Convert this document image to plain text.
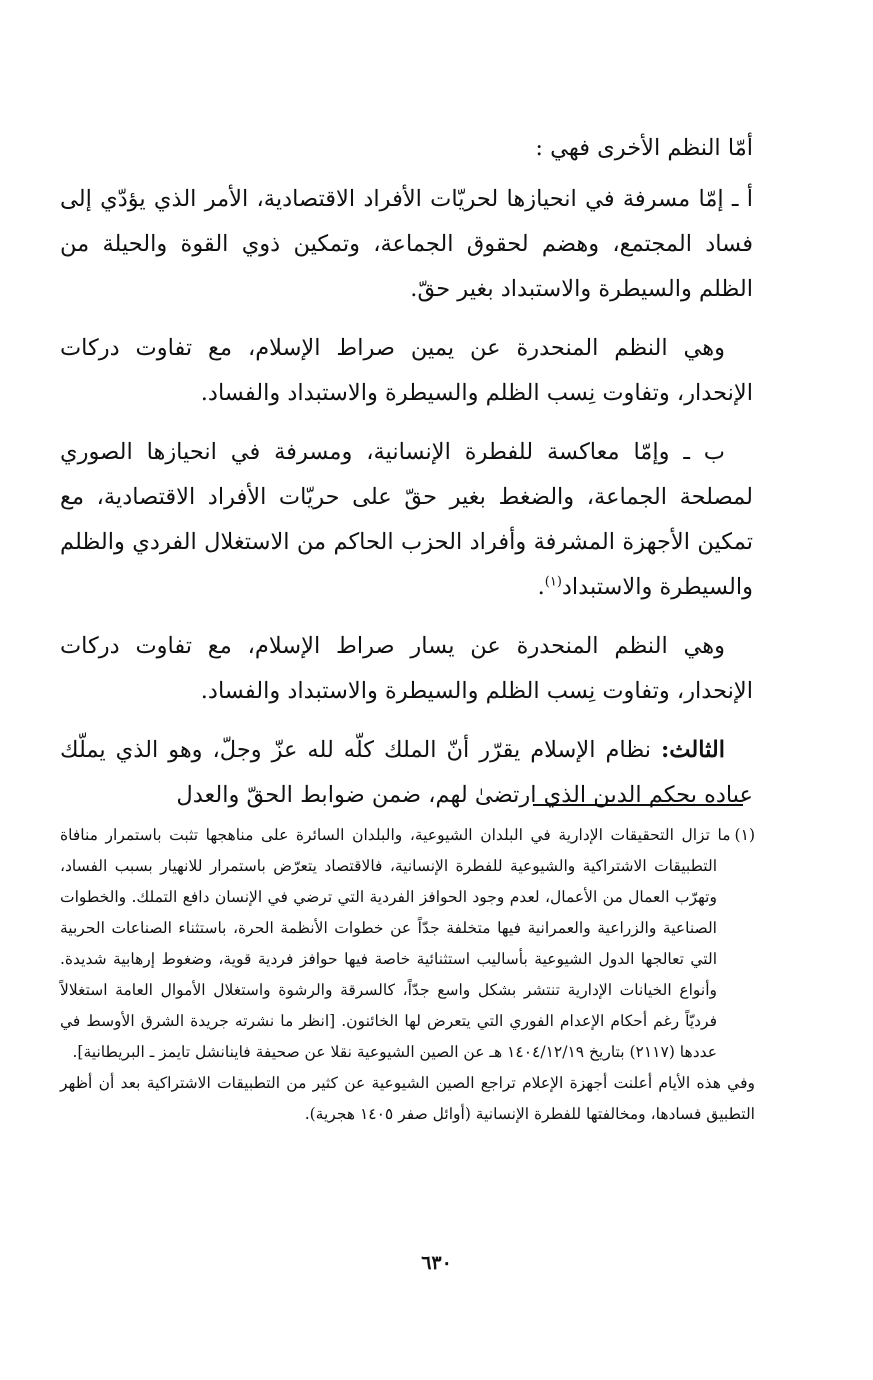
أمّا النظم الأخرى فهي :

أ ـ إمّا مسرفة في انحيازها لحريّات الأفراد الاقتصادية، الأمر الذي يؤدّي إلى فساد المجتمع، وهضم لحقوق الجماعة، وتمكين ذوي القوة والحيلة من الظلم والسيطرة والاستبداد بغير حقّ.

وهي النظم المنحدرة عن يمين صراط الإسلام، مع تفاوت دركات الإنحدار، وتفاوت نِسب الظلم والسيطرة والاستبداد والفساد.

ب ـ وإمّا معاكسة للفطرة الإنسانية، ومسرفة في انحيازها الصوري لمصلحة الجماعة، والضغط بغير حقّ على حريّات الأفراد الاقتصادية، مع تمكين الأجهزة المشرفة وأفراد الحزب الحاكم من الاستغلال الفردي والظلم والسيطرة والاستبداد$^{(١)}$.

وهي النظم المنحدرة عن يسار صراط الإسلام، مع تفاوت دركات الإنحدار، وتفاوت نِسب الظلم والسيطرة والاستبداد والفساد.

الثالث: نظام الإسلام يقرّر أنّ الملك كلّه لله عزّ وجلّ، وهو الذي يملّك عباده بحكم الدين الذي ارتضىٰ لهم، ضمن ضوابط الحقّ والعدل

(١)ما تزال التحقيقات الإدارية في البلدان الشيوعية، والبلدان السائرة على مناهجها تثبت باستمرار منافاة التطبيقات الاشتراكية والشيوعية للفطرة الإنسانية، فالاقتصاد يتعرّض باستمرار للانهيار بسبب الفساد، وتهرّب العمال من الأعمال، لعدم وجود الحوافز الفردية التي ترضي في الإنسان دافع التملك. والخطوات الصناعية والزراعية والعمرانية فيها متخلفة جدّاً عن خطوات الأنظمة الحرة، باستثناء الصناعات الحربية التي تعالجها الدول الشيوعية بأساليب استثنائية خاصة فيها حوافز فردية قوية، وضغوط إرهابية شديدة. وأنواع الخيانات الإدارية تنتشر بشكل واسع جدّاً، كالسرقة والرشوة واستغلال الأموال العامة استغلالاً فرديّاً رغم أحكام الإعدام الفوري التي يتعرض لها الخائنون. [انظر ما نشرته جريدة الشرق الأوسط في عددها (٢١١٧) بتاريخ ١٤٠٤/١٢/١٩ هـ عن الصين الشيوعية نقلا عن صحيفة فاينانشل تايمز ـ البريطانية].

وفي هذه الأيام أعلنت أجهزة الإعلام تراجع الصين الشيوعية عن كثير من التطبيقات الاشتراكية بعد أن أظهر التطبيق فسادها، ومخالفتها للفطرة الإنسانية (أوائل صفر ١٤٠٥ هجرية).

٦٣٠
